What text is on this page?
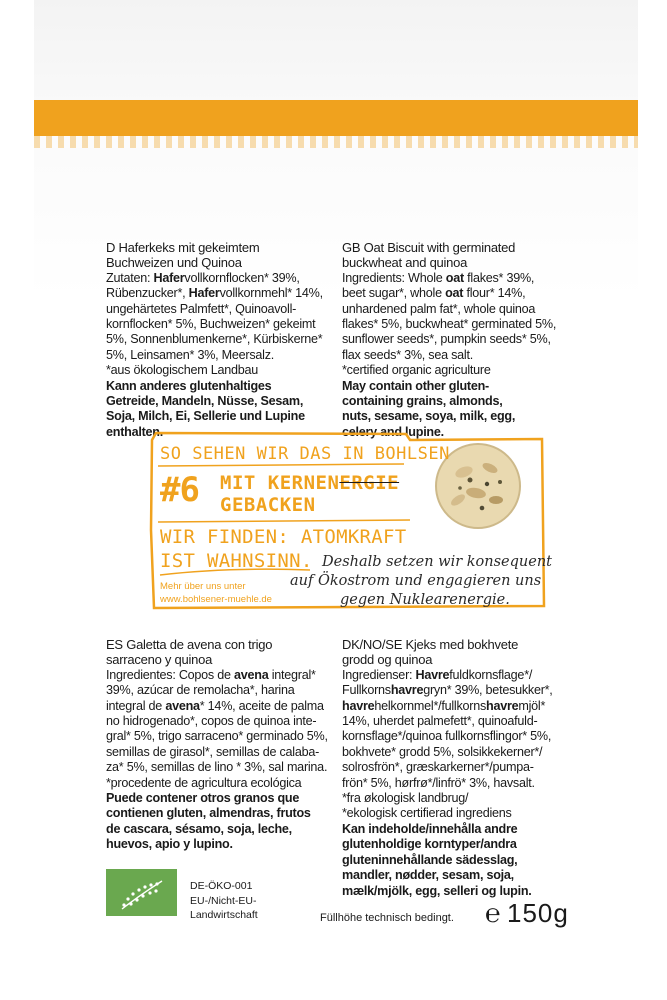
D Haferkeks mit gekeimtem

Buchweizen und Quinoa

Zutaten: Hafervollkornflocken* 39%,

Rübenzucker*, Hafervollkornmehl* 14%,

ungehärtetes Palmfett*, Quinoavoll-

kornflocken* 5%, Buchweizen* gekeimt

5%, Sonnenblumenkerne*, Kürbiskerne*

5%, Leinsamen* 3%, Meersalz.

*aus ökologischem Landbau

Kann anderes glutenhaltiges

Getreide, Mandeln, Nüsse, Sesam,

Soja, Milch, Ei, Sellerie und Lupine

enthalten.

GB Oat Biscuit with germinated

buckwheat and quinoa

Ingredients: Whole oat flakes* 39%,

beet sugar*, whole oat flour* 14%,

unhardened palm fat*, whole quinoa

flakes* 5%, buckwheat* germinated 5%,

sunflower seeds*, pumpkin seeds* 5%,

flax seeds* 3%, sea salt.

*certified organic agriculture

May contain other gluten-

containing grains, almonds,

nuts, sesame, soya, milk, egg,

celery and lupine.

SO SEHEN WIR DAS IN BOHLSEN
#6 MIT KERNENERGIE
GEBACKEN
WIR FINDEN: ATOMKRAFT
IST WAHNSINN. Deshalb setzen wir konsequent
auf Ökostrom und engagieren uns
gegen Nuklearenergie.
Mehr über uns unter
www.bohlsener-muehle.de

ES Galetta de avena con trigo

sarraceno y quinoa

Ingredientes: Copos de avena integral*

39%, azúcar de remolacha*, harina

integral de avena* 14%, aceite de palma

no hidrogenado*, copos de quinoa inte-

gral* 5%, trigo sarraceno* germinado 5%,

semillas de girasol*, semillas de calaba-

za* 5%, semillas de lino * 3%, sal marina.

*procedente de agricultura ecológica

Puede contener otros granos que

contienen gluten, almendras, frutos

de cascara, sésamo, soja, leche,

huevos, apio y lupino.

DK/NO/SE Kjeks med bokhvete

grodd og quinoa

Ingredienser: Havrefuldkornsflage*/

Fullkornshavregryn* 39%, betesukker*,

havrehelkornmel*/fullkornshavremjöl*

14%, uherdet palmefett*, quinoafuld-

kornsflage*/quinoa fullkornsflingor* 5%,

bokhvete* grodd 5%, solsikkekerner*/

solrosfrön*, græskarkerner*/pumpa-

frön* 5%, hørfrø*/linfrö* 3%, havsalt.

*fra økologisk landbrug/

*ekologisk certifierad ingrediens

Kan indeholde/innehålla andre

glutenholdige korntyper/andra

gluteninnehållande sädesslag,

mandler, nødder, sesam, soja,

mælk/mjölk, egg, selleri og lupin.

DE-ÖKO-001
EU-/Nicht-EU-
Landwirtschaft	Füllhöhe technisch bedingt. ℮ 150g
